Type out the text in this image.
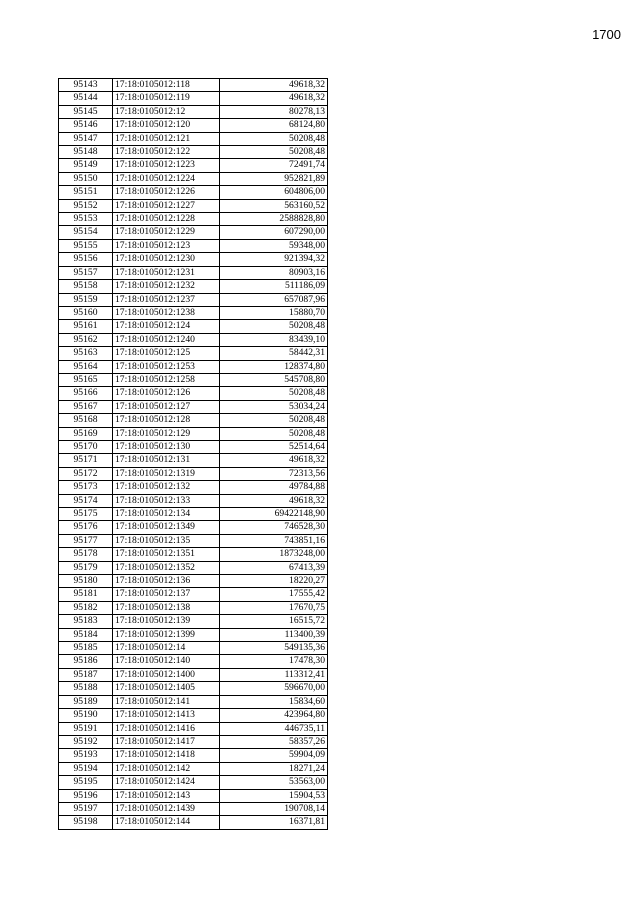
1700
95143	17:18:0105012:118	49618,32
95144	17:18:0105012:119	49618,32
95145	17:18:0105012:12	80278,13
95146	17:18:0105012:120	68124,80
95147	17:18:0105012:121	50208,48
95148	17:18:0105012:122	50208,48
95149	17:18:0105012:1223	72491,74
95150	17:18:0105012:1224	952821,89
95151	17:18:0105012:1226	604806,00
95152	17:18:0105012:1227	563160,52
95153	17:18:0105012:1228	2588828,80
95154	17:18:0105012:1229	607290,00
95155	17:18:0105012:123	59348,00
95156	17:18:0105012:1230	921394,32
95157	17:18:0105012:1231	80903,16
95158	17:18:0105012:1232	511186,09
95159	17:18:0105012:1237	657087,96
95160	17:18:0105012:1238	15880,70
95161	17:18:0105012:124	50208,48
95162	17:18:0105012:1240	83439,10
95163	17:18:0105012:125	58442,31
95164	17:18:0105012:1253	128374,80
95165	17:18:0105012:1258	545708,80
95166	17:18:0105012:126	50208,48
95167	17:18:0105012:127	53034,24
95168	17:18:0105012:128	50208,48
95169	17:18:0105012:129	50208,48
95170	17:18:0105012:130	52514,64
95171	17:18:0105012:131	49618,32
95172	17:18:0105012:1319	72313,56
95173	17:18:0105012:132	49784,88
95174	17:18:0105012:133	49618,32
95175	17:18:0105012:134	69422148,90
95176	17:18:0105012:1349	746528,30
95177	17:18:0105012:135	743851,16
95178	17:18:0105012:1351	1873248,00
95179	17:18:0105012:1352	67413,39
95180	17:18:0105012:136	18220,27
95181	17:18:0105012:137	17555,42
95182	17:18:0105012:138	17670,75
95183	17:18:0105012:139	16515,72
95184	17:18:0105012:1399	113400,39
95185	17:18:0105012:14	549135,36
95186	17:18:0105012:140	17478,30
95187	17:18:0105012:1400	113312,41
95188	17:18:0105012:1405	596670,00
95189	17:18:0105012:141	15834,60
95190	17:18:0105012:1413	423964,80
95191	17:18:0105012:1416	446735,11
95192	17:18:0105012:1417	58357,26
95193	17:18:0105012:1418	59904,09
95194	17:18:0105012:142	18271,24
95195	17:18:0105012:1424	53563,00
95196	17:18:0105012:143	15904,53
95197	17:18:0105012:1439	190708,14
95198	17:18:0105012:144	16371,81
